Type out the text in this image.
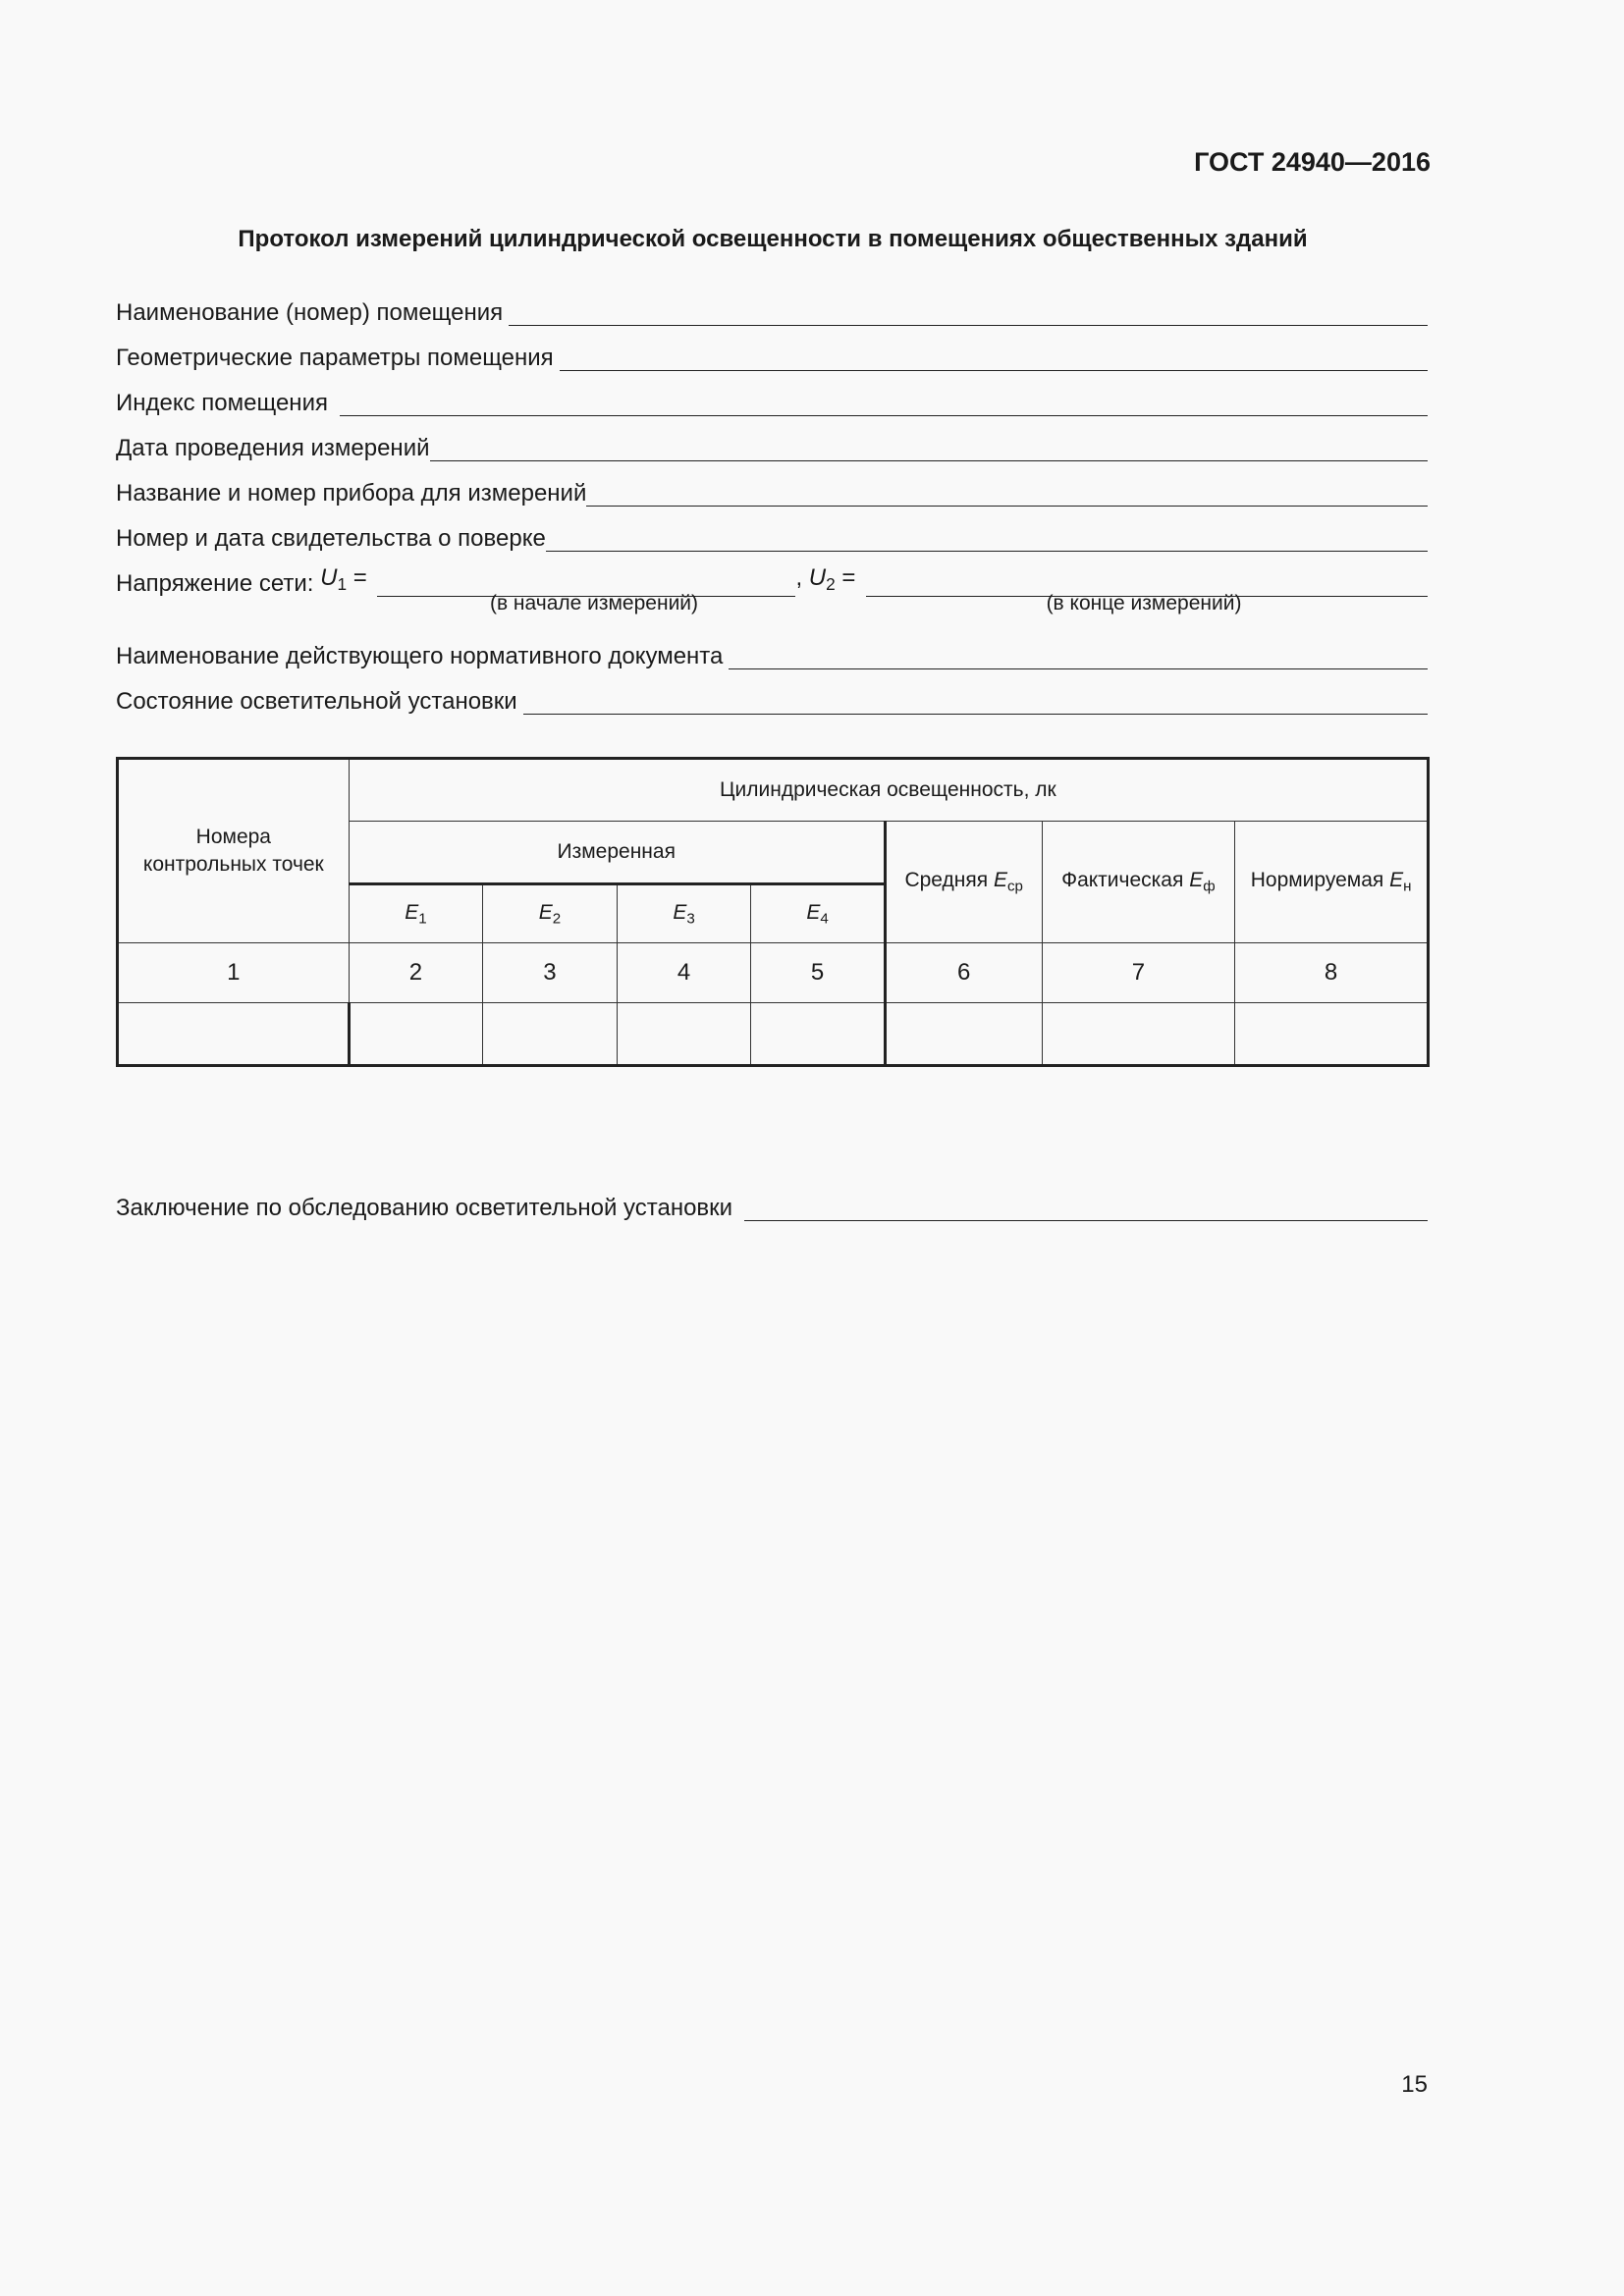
ГОСТ 24940—2016
Протокол измерений цилиндрической освещенности в помещениях общественных зданий
Наименование (номер) помещения
Геометрические параметры помещения
Индекс помещения
Дата проведения измерений
Название и номер прибора для измерений
Номер и дата свидетельства о поверке
Напряжение сети: $U_1$ =	, $U_2$ =
(в начале измерений)	(в конце измерений)
Наименование действующего нормативного документа
Состояние осветительной установки
Номера контрольных точек	Цилиндрическая освещенность, лк						
	Измеренная				Средняя $E_{ср}$	Фактическая $E_ф$	Нормируемая $E_н$
	$E_1$	$E_2$	$E_3$	$E_4$
1	2	3	4	5	6	7	8

Заключение по обследованию осветительной установки
15
